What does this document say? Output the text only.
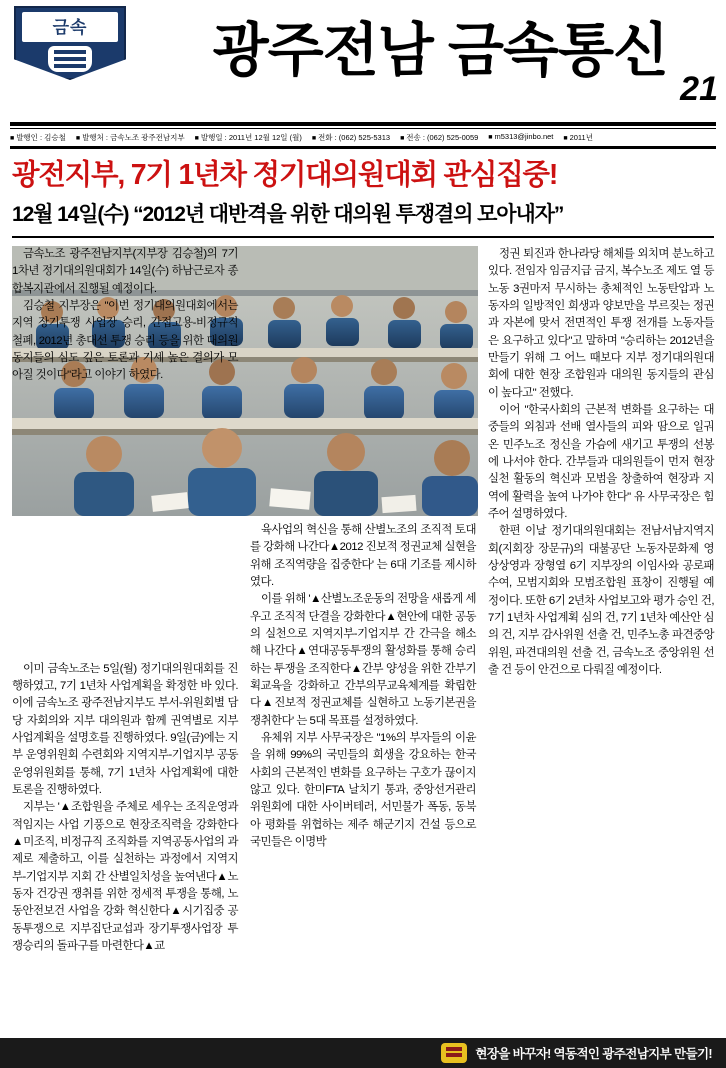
금속	광주전남 금속통신
21
■ 발행인 : 김승철	■ 발행처 : 금속노조 광주전남지부	■ 발행일 : 2011년 12월 12일 (월)	■ 전화 : (062) 525-5313	■ 전송 : (062) 525-0059	■ m5313@jinbo.net	■ 2011년
광전지부, 7기 1년차 정기대의원대회 관심집중!
12월 14일(수) “2012년 대반격을 위한 대의원 투쟁결의 모아내자”

금속노조 광주전남지부(지부장 김승철)의 7기 1차년 정기대의원대회가 14일(수) 하남근로자 종합복지관에서 진행될 예정이다.

김승철 지부장은 "이번 정기대의원대회에서는 지역 장기투쟁 사업장 승리, 간접고용-비정규직 철폐, 2012년 총대선 투쟁 승리 등을 위한 대의원 동지들의 심도 깊은 토론과 기세 높은 결의가 모아질 것이다"라고 이야기 하였다.

이미 금속노조는 5일(월) 정기대의원대회를 진행하였고, 7기 1년차 사업계획을 확정한 바 있다. 이에 금속노조 광주전남지부도 부서-위원회별 담당 자회의와 지부 대의원과 함께 권역별로 지부 사업계획을 설명호를 진행하였다. 9일(금)에는 지부 운영위원회 수련회와 지역지부-기업지부 공동운영위원회를 통해, 7기 1년차 사업계획에 대한 토론을 진행하였다.

지부는 '▲조합원을 주체로 세우는 조직운영과 적임지는 사업 기풍으로 현장조직력을 강화한다▲미조직, 비정규직 조직화를 지역공동사업의 과제로 제출하고, 이를 실천하는 과정에서 지역지부-기업지부 지회 간 산별일치성을 높여낸다▲노동자 건강권 쟁취를 위한 정세적 투쟁을 통해, 노동안전보건 사업을 강화 혁신한다▲시기집중 공동투쟁으로 지부집단교섭과 장기투쟁사업장 투쟁승리의 돌파구를 마련한다▲교

육사업의 혁신을 통해 산별노조의 조직적 토대를 강화해 나간다▲2012 진보적 정권교체 실현을 위해 조직역량을 집중한다' 는 6대 기조를 제시하였다.

이를 위해 '▲산별노조운동의 전망을 새롭게 세우고 조직적 단결을 강화한다▲현안에 대한 공동의 실천으로 지역지부-기업지부 간 간극을 해소해 나간다▲연대공동투쟁의 활성화를 통해 승리하는 투쟁을 조직한다▲간부 양성을 위한 간부기획교육을 강화하고 간부의무교육체계를 확립한다▲진보적 정권교체를 실현하고 노동기본권을 쟁취한다' 는 5대 목표를 설정하였다.

유체위 지부 사무국장은 "1%의 부자들의 이윤을 위해 99%의 국민들의 희생을 강요하는 한국사회의 근본적인 변화를 요구하는 구호가 끊이지 않고 있다. 한미FTA 날치기 통과, 중앙선거관리위원회에 대한 사이버테러, 서민물가 폭동, 동북아 평화를 위협하는 제주 해군기지 건설 등으로 국민들은 이명박

정권 퇴진과 한나라당 해체를 외치며 분노하고 있다. 전임자 임금지급 금지, 복수노조 제도 열 등 노동 3권마저 무시하는 총체적인 노동탄압과 노동자의 일방적인 희생과 양보만을 부르짖는 정권과 자본에 맞서 전면적인 투쟁 전개를 노동자들은 요구하고 있다"고 말하며 "승리하는 2012년을 만들기 위해 그 어느 때보다 지부 정기대의원대회에 대한 현장 조합원과 대의원 동지들의 관심이 높다고" 전했다.

이어 "한국사회의 근본적 변화를 요구하는 대중들의 외침과 선배 열사들의 피와 땀으로 일궈온 민주노조 정신을 가슴에 새기고 투쟁의 선봉에 나서야 한다. 간부들과 대의원들이 먼저 현장 실천 활동의 혁신과 모범을 창출하여 현장과 지역에 활력을 높여 나가야 한다" 유 사무국장은 힘주어 설명하였다.

한편 이날 정기대의원대회는 전남서남지역지회(지회장 장문규)의 대불공단 노동자문화제 영상상영과 장형열 6기 지부장의 이임사와 공로패 수여, 모범지회와 모범조합원 표창이 진행될 예정이다. 또한 6기 2년차 사업보고와 평가 승인 건, 7기 1년차 사업계획 심의 건, 7기 1년차 예산안 심의 건, 지부 감사위원 선출 건, 민주노총 파견중앙위원, 파견대의원 선출 건, 금속노조 중앙위원 선출 건 등이 안건으로 다뤄질 예정이다.

현장을 바꾸자! 역동적인 광주전남지부 만들기!
